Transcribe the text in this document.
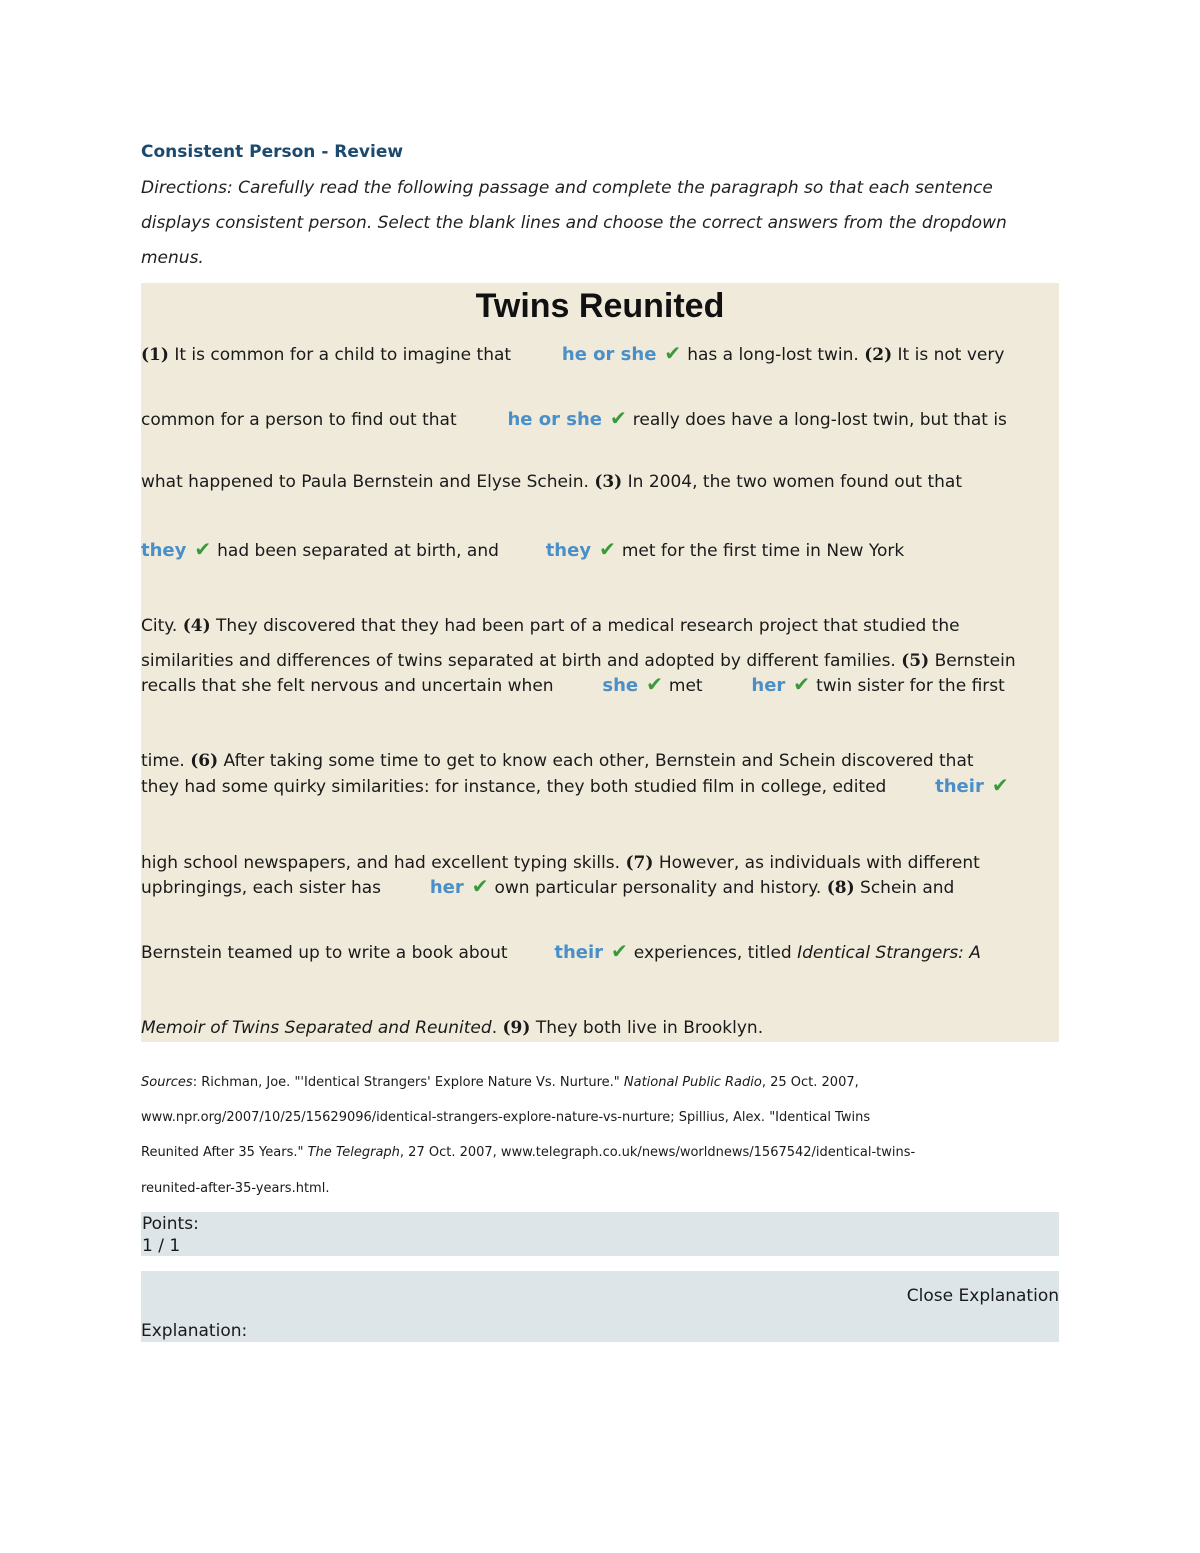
Consistent Person - Review
Directions: Carefully read the following passage and complete the paragraph so that each sentence
displays consistent person. Select the blank lines and choose the correct answers from the dropdown
menus.
Twins Reunited
(1) It is common for a child to imagine that	he or she ✔ has a long-lost twin. (2) It is not very
common for a person to find out that	he or she ✔ really does have a long-lost twin, but that is
what happened to Paula Bernstein and Elyse Schein. (3) In 2004, the two women found out that
they ✔ had been separated at birth, and	they ✔ met for the first time in New York
City. (4) They discovered that they had been part of a medical research project that studied the
similarities and differences of twins separated at birth and adopted by different families. (5) Bernstein
recalls that she felt nervous and uncertain when	she ✔ met	her ✔ twin sister for the first
time. (6) After taking some time to get to know each other, Bernstein and Schein discovered that
they had some quirky similarities: for instance, they both studied film in college, edited	their ✔
high school newspapers, and had excellent typing skills. (7) However, as individuals with different
upbringings, each sister has	her ✔ own particular personality and history. (8) Schein and
Bernstein teamed up to write a book about	their ✔ experiences, titled Identical Strangers: A
Memoir of Twins Separated and Reunited. (9) They both live in Brooklyn.
Sources: Richman, Joe. "'Identical Strangers' Explore Nature Vs. Nurture." National Public Radio, 25 Oct. 2007,
www.npr.org/2007/10/25/15629096/identical-strangers-explore-nature-vs-nurture; Spillius, Alex. "Identical Twins
Reunited After 35 Years." The Telegraph, 27 Oct. 2007, www.telegraph.co.uk/news/worldnews/1567542/identical-twins-
reunited-after-35-years.html.
Points:
1 / 1
Close Explanation
Explanation:
